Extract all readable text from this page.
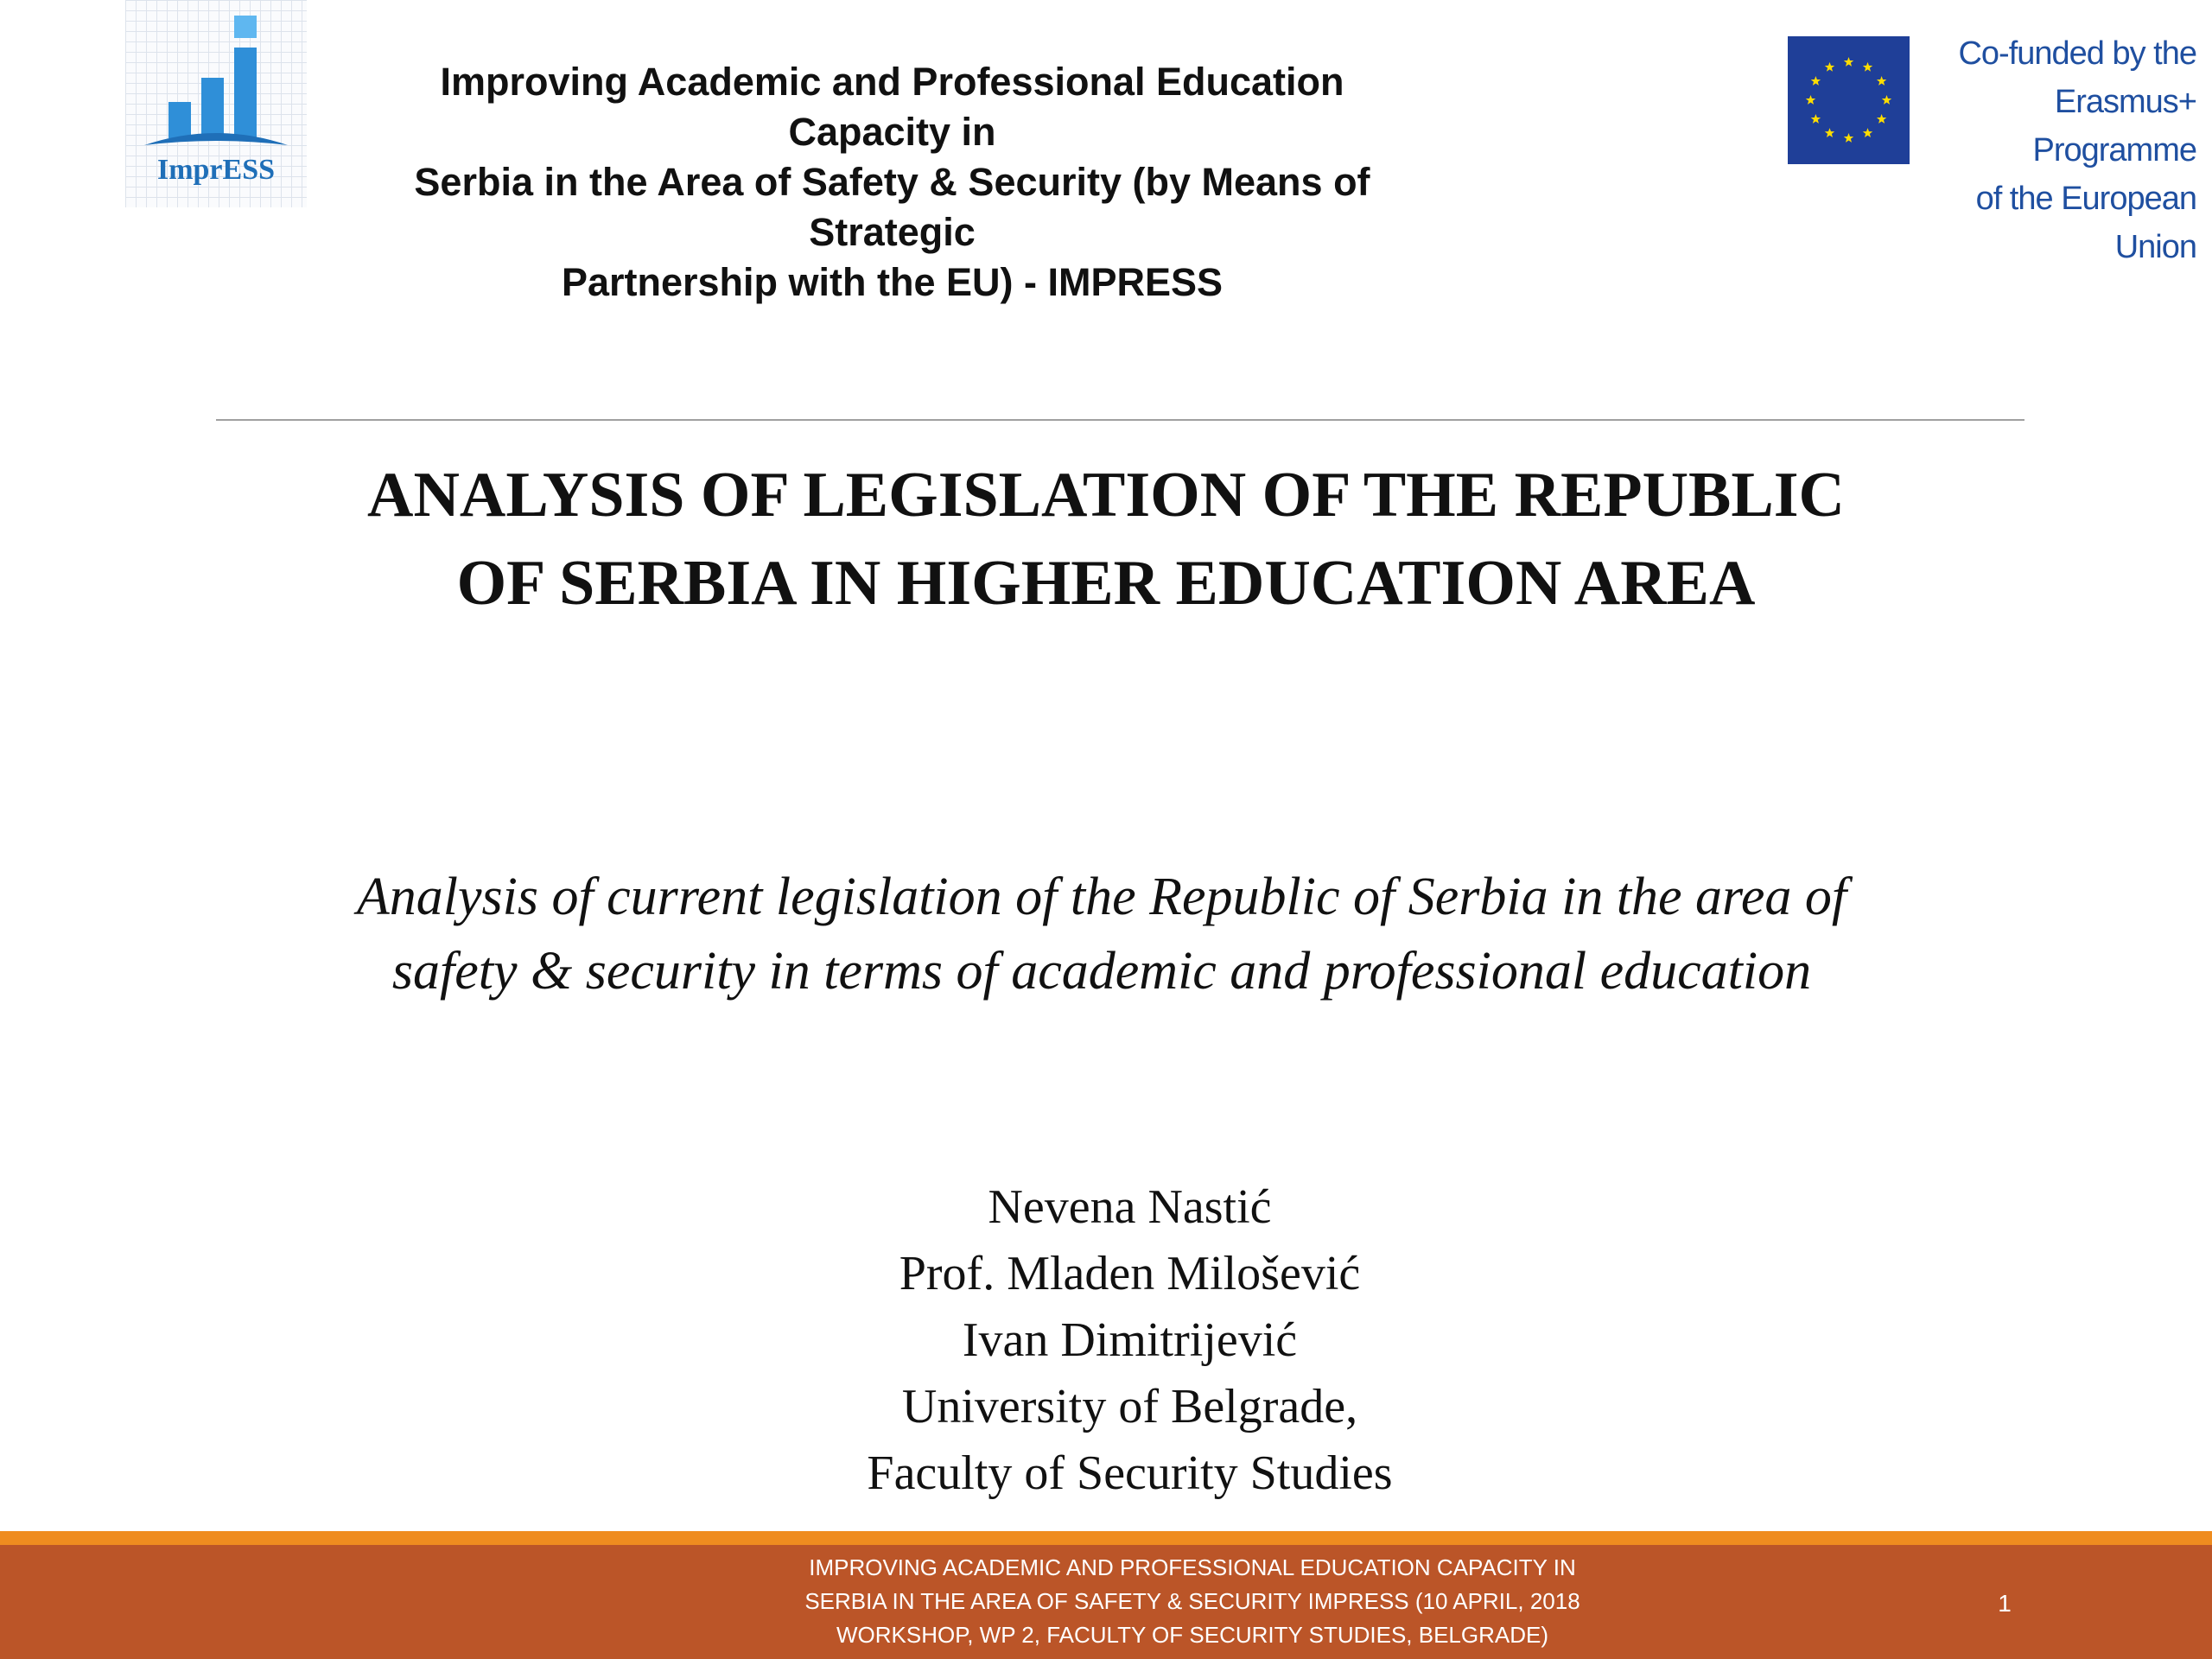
ImprESS
Improving Academic and Professional Education Capacity in
Serbia in the Area of Safety & Security (by Means of Strategic
Partnership with the EU) - IMPRESS
Co-funded by the
Erasmus+ Programme
of the European Union
ANALYSIS OF LEGISLATION OF THE REPUBLIC
OF SERBIA IN HIGHER EDUCATION AREA
Analysis of current legislation of the Republic of Serbia in the area of
safety & security in terms of academic and professional education
Nevena Nastić
Prof. Mladen Milošević
Ivan Dimitrijević
University of Belgrade,
Faculty of Security Studies
IMPROVING ACADEMIC AND PROFESSIONAL EDUCATION CAPACITY IN
SERBIA IN THE AREA OF SAFETY & SECURITY IMPRESS (10 APRIL, 2018
WORKSHOP, WP 2, FACULTY OF SECURITY STUDIES, BELGRADE)
1
